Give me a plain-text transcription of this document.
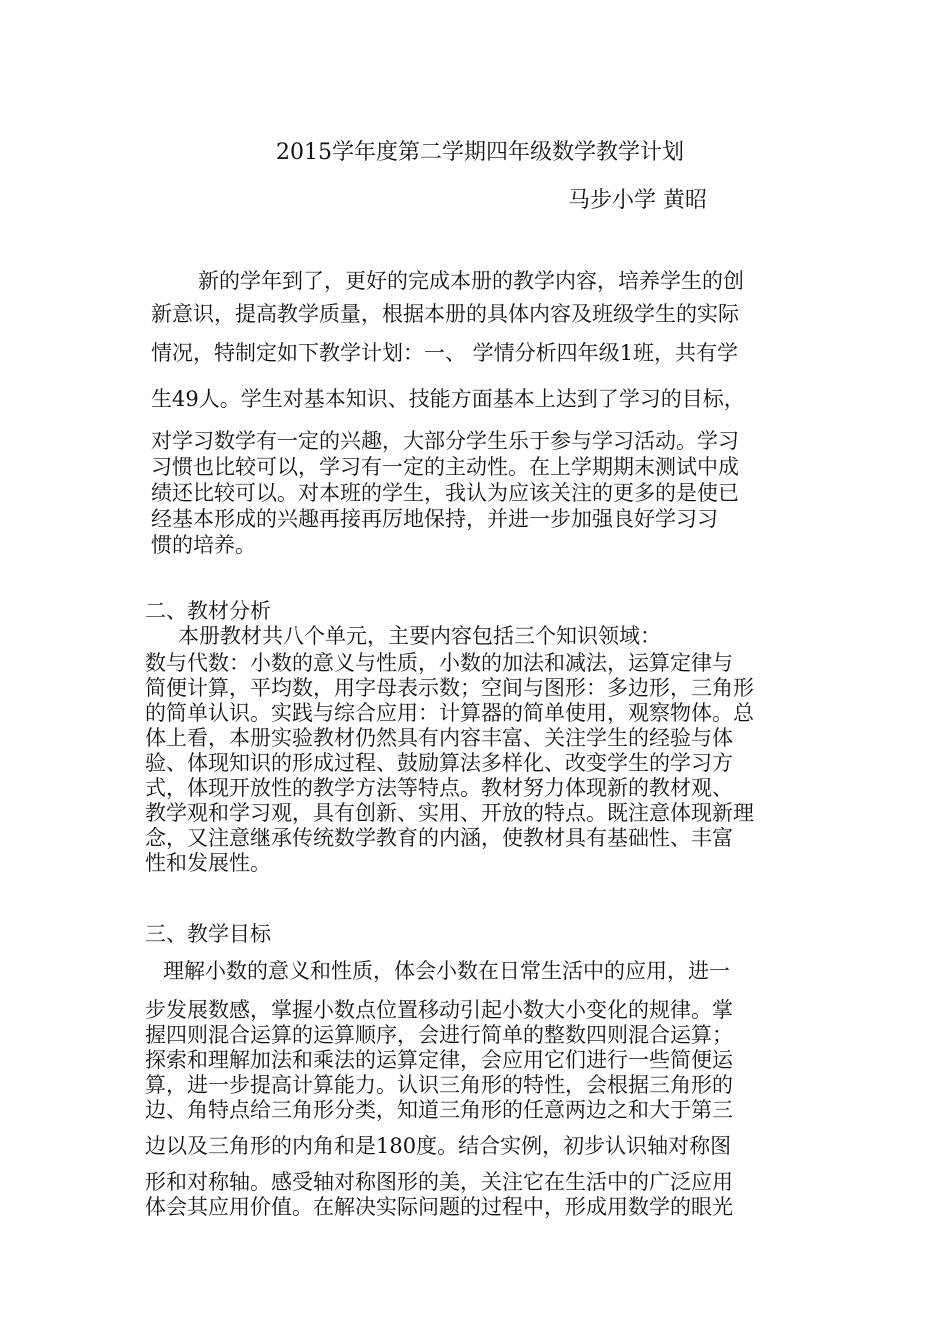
2015学年度第二学期四年级数学教学计划
马步小学 黄昭
新的学年到了，更好的完成本册的教学内容，培养学生的创
新意识，提高教学质量，根据本册的具体内容及班级学生的实际
情况，特制定如下教学计划：一、 学情分析四年级1班，共有学
生49人。学生对基本知识、技能方面基本上达到了学习的目标，
对学习数学有一定的兴趣，大部分学生乐于参与学习活动。学习
习惯也比较可以，学习有一定的主动性。在上学期期末测试中成
绩还比较可以。对本班的学生，我认为应该关注的更多的是使已
经基本形成的兴趣再接再厉地保持，并进一步加强良好学习习
惯的培养。
二、教材分析
本册教材共八个单元，主要内容包括三个知识领域：
数与代数：小数的意义与性质，小数的加法和减法，运算定律与
简便计算，平均数，用字母表示数；空间与图形：多边形，三角形
的简单认识。实践与综合应用：计算器的简单使用，观察物体。总
体上看，本册实验教材仍然具有内容丰富、关注学生的经验与体
验、体现知识的形成过程、鼓励算法多样化、改变学生的学习方
式，体现开放性的教学方法等特点。教材努力体现新的教材观、
教学观和学习观，具有创新、实用、开放的特点。既注意体现新理
念，又注意继承传统数学教育的内涵，使教材具有基础性、丰富
性和发展性。
三、教学目标
理解小数的意义和性质，体会小数在日常生活中的应用，进一
步发展数感，掌握小数点位置移动引起小数大小变化的规律。掌
握四则混合运算的运算顺序，会进行简单的整数四则混合运算；
探索和理解加法和乘法的运算定律，会应用它们进行一些简便运
算，进一步提高计算能力。认识三角形的特性，会根据三角形的
边、角特点给三角形分类，知道三角形的任意两边之和大于第三
边以及三角形的内角和是180度。结合实例，初步认识轴对称图
形和对称轴。感受轴对称图形的美，关注它在生活中的广泛应用
体会其应用价值。在解决实际问题的过程中，形成用数学的眼光
